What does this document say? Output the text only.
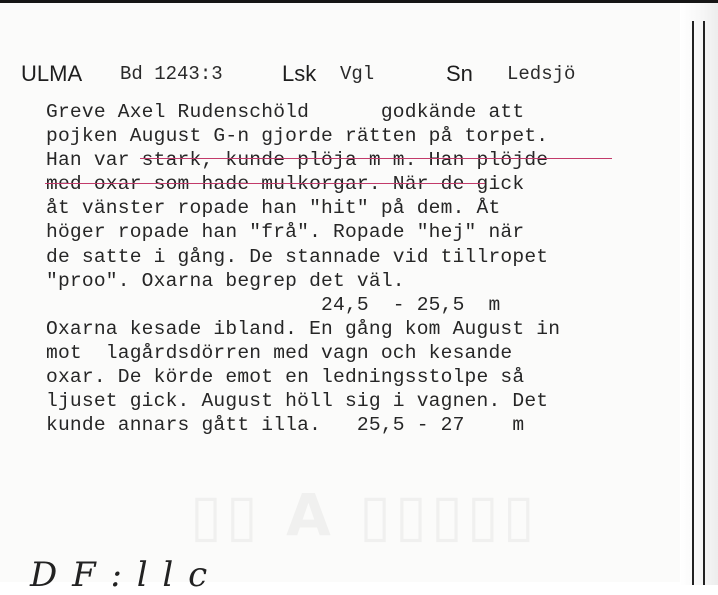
ULMA Bd 1243:3	Lsk Vgl	Sn Ledsjö
Greve Axel Rudenschöld      godkände att
pojken August G-n gjorde rätten på torpet.
Han var stark, kunde plöja m m. Han plöjde
med oxar som hade mulkorgar. När de gick
åt vänster ropade han "hit" på dem. Åt
höger ropade han "frå". Ropade "hej" när
de satte i gång. De stannade vid tillropet
"proo". Oxarna begrep det väl.
24,5  - 25,5  m
Oxarna kesade ibland. En gång kom August in
mot  lagårdsdörren med vagn och kesande
oxar. De körde emot en ledningsstolpe så
ljuset gick. August höll sig i vagnen. Det
kunde annars gått illa.   25,5 - 27    m
D F : l l c
